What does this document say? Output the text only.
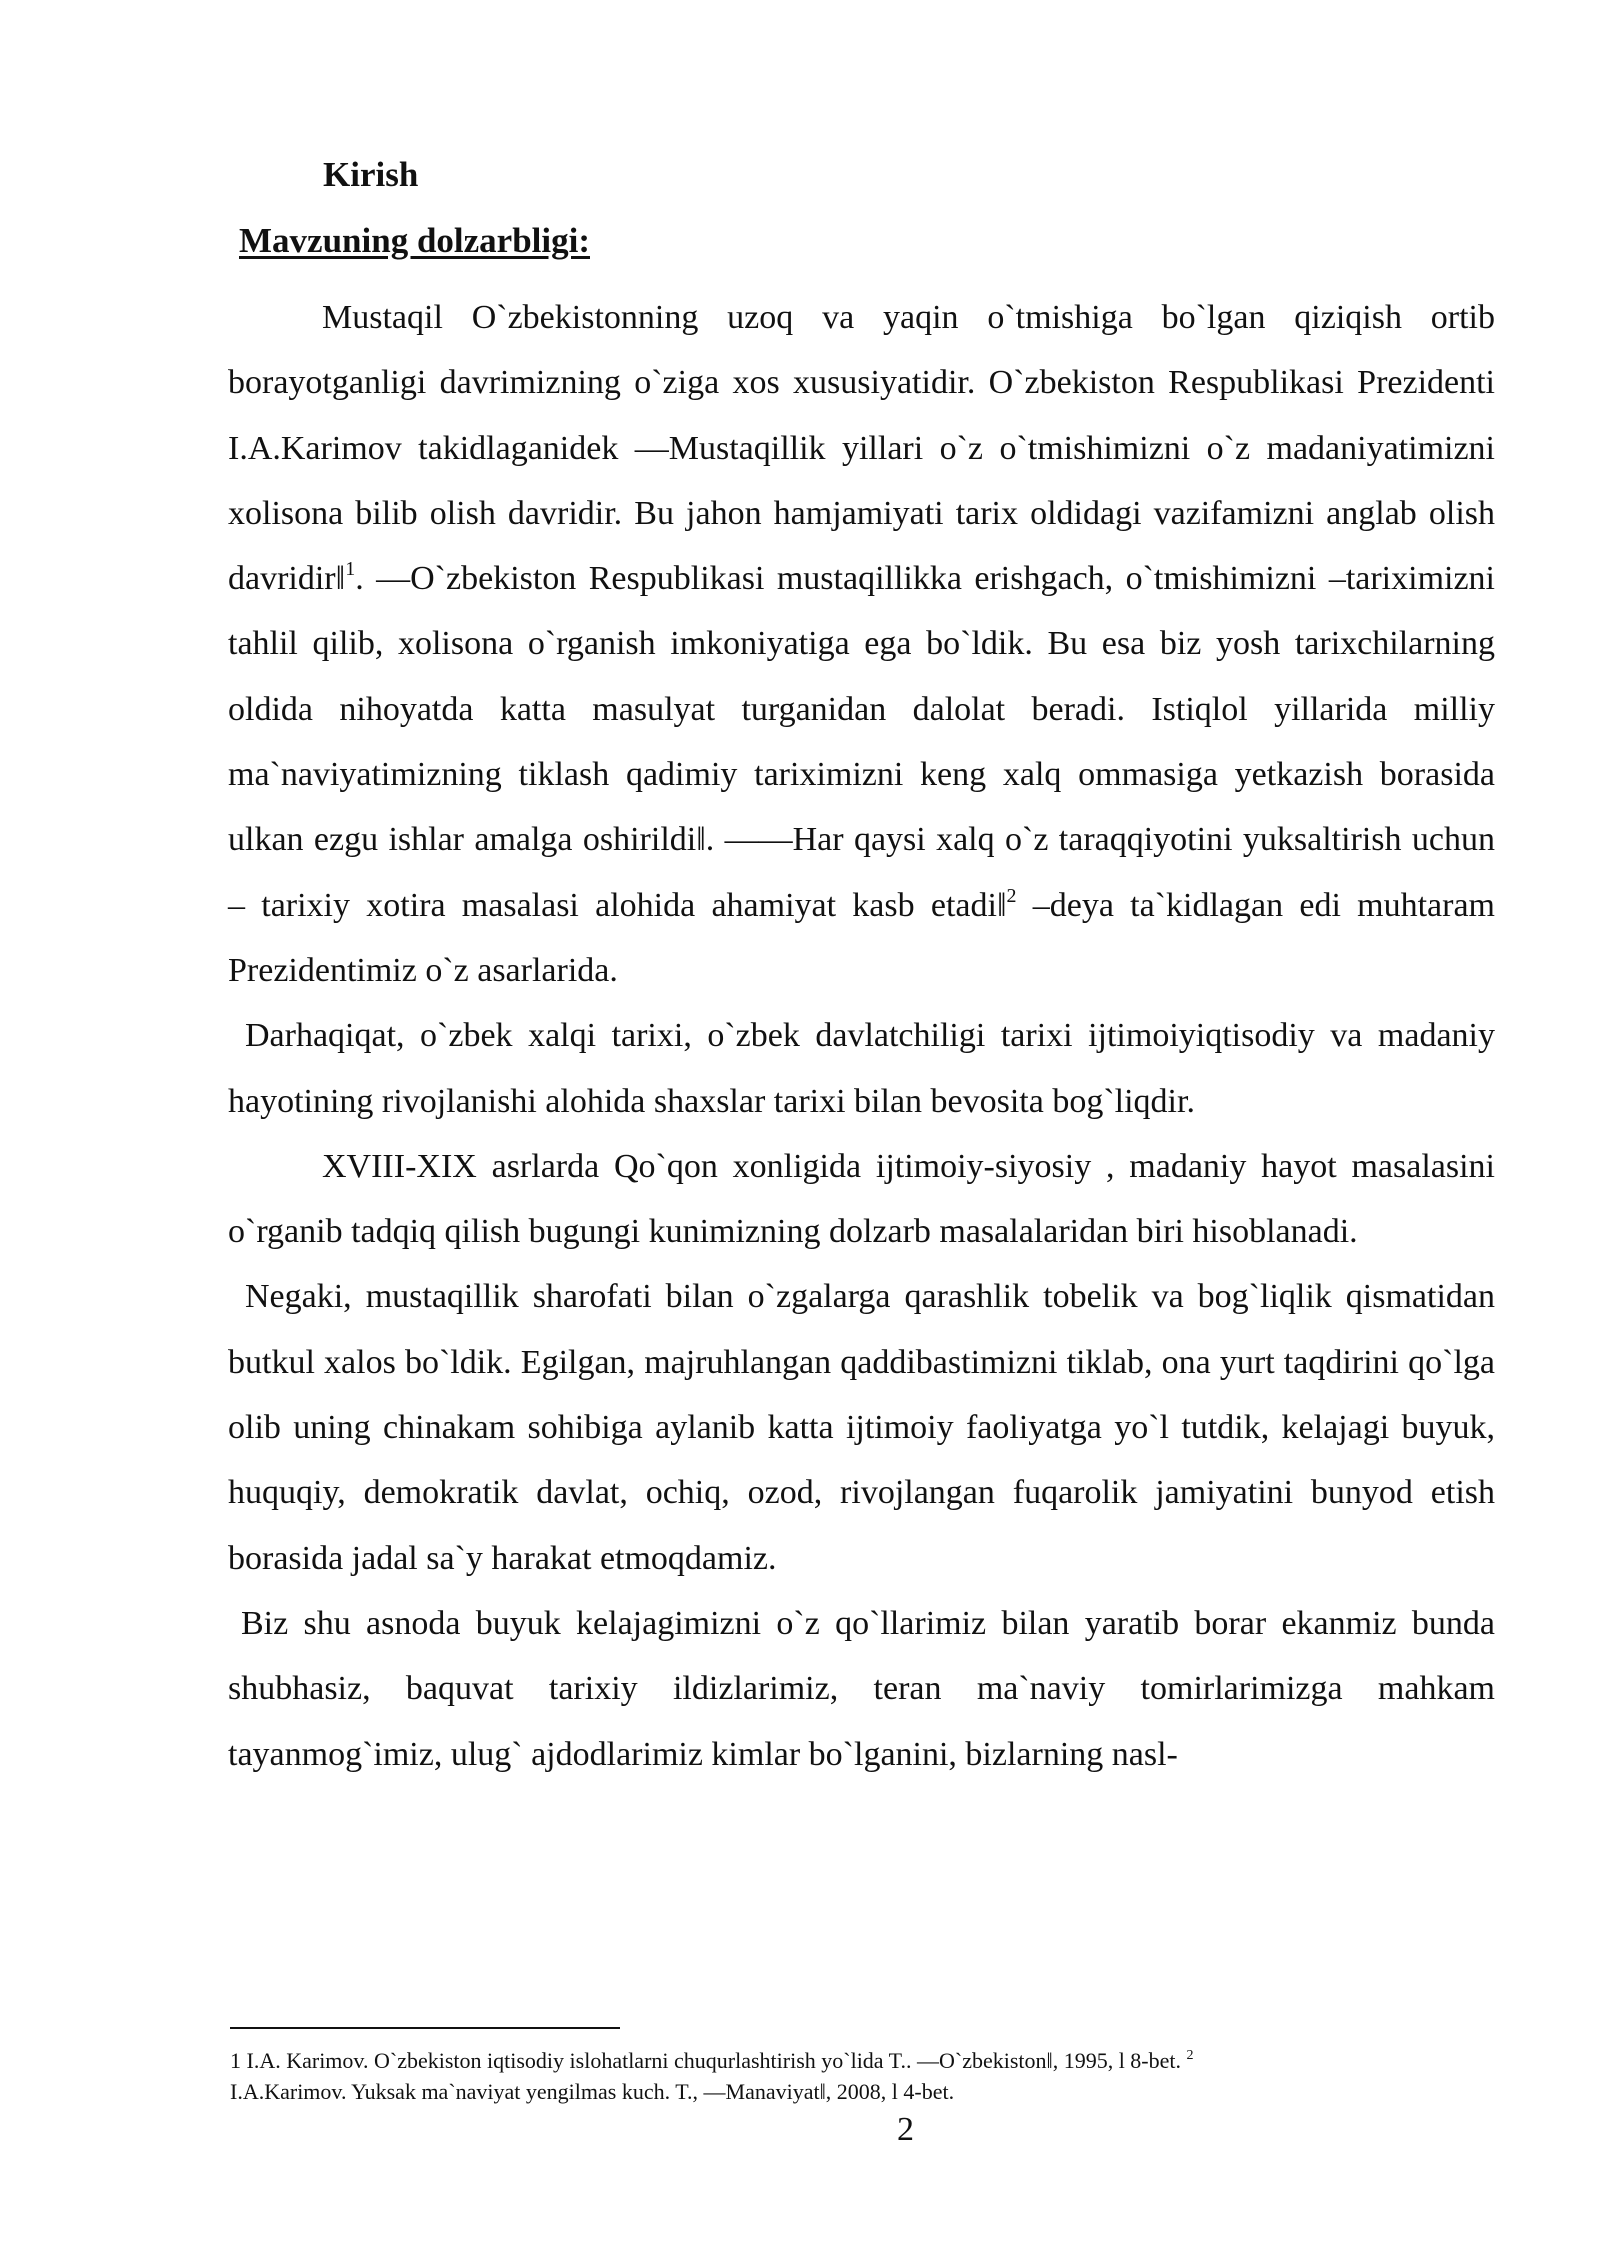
Kirish
Mavzuning dolzarbligi:

Mustaqil O`zbekistonning uzoq va yaqin o`tmishiga bo`lgan qiziqish ortib borayotganligi davrimizning o`ziga xos xususiyatidir. O`zbekiston Respublikasi Prezidenti I.A.Karimov takidlaganidek ―Mustaqillik yillari o`z o`tmishimizni o`z madaniyatimizni xolisona bilib olish davridir. Bu jahon hamjamiyati tarix oldidagi vazifamizni anglab olish davridir‖$^1$. ―O`zbekiston Respublikasi mustaqillikka erishgach, o`tmishimizni –tariximizni tahlil qilib, xolisona o`rganish imkoniyatiga ega bo`ldik. Bu esa biz yosh tarixchilarning oldida nihoyatda katta masulyat turganidan dalolat beradi. Istiqlol yillarida milliy ma`naviyatimizning tiklash qadimiy tariximizni keng xalq ommasiga yetkazish borasida ulkan ezgu ishlar amalga oshirildi‖. ――Har qaysi xalq o`z taraqqiyotini yuksaltirish uchun – tarixiy xotira masalasi alohida ahamiyat kasb etadi‖$^2$ –deya ta`kidlagan edi muhtaram Prezidentimiz o`z asarlarida.

Darhaqiqat, o`zbek xalqi tarixi, o`zbek davlatchiligi tarixi ijtimoiyiqtisodiy va madaniy hayotining rivojlanishi alohida shaxslar tarixi bilan bevosita bog`liqdir.

XVIII-XIX asrlarda Qo`qon xonligida ijtimoiy-siyosiy , madaniy hayot masalasini o`rganib tadqiq qilish bugungi kunimizning dolzarb masalalaridan biri hisoblanadi.

Negaki, mustaqillik sharofati bilan o`zgalarga qarashlik tobelik va bog`liqlik qismatidan butkul xalos bo`ldik. Egilgan, majruhlangan qaddibastimizni tiklab, ona yurt taqdirini qo`lga olib uning chinakam sohibiga aylanib katta ijtimoiy faoliyatga yo`l tutdik, kelajagi buyuk, huquqiy, demokratik davlat, ochiq, ozod, rivojlangan fuqarolik jamiyatini bunyod etish borasida jadal sa`y harakat etmoqdamiz.

Biz shu asnoda buyuk kelajagimizni o`z qo`llarimiz bilan yaratib borar ekanmiz bunda shubhasiz, baquvat tarixiy ildizlarimiz, teran ma`naviy tomirlarimizga mahkam tayanmog`imiz, ulug` ajdodlarimiz kimlar bo`lganini, bizlarning nasl-

1 I.A. Karimov. O`zbekiston iqtisodiy islohatlarni chuqurlashtirish yo`lida T.. ―O`zbekiston‖, 1995, l 8-bet. $^2$

I.A.Karimov. Yuksak ma`naviyat yengilmas kuch. T., ―Manaviyat‖, 2008, l 4-bet.

2
